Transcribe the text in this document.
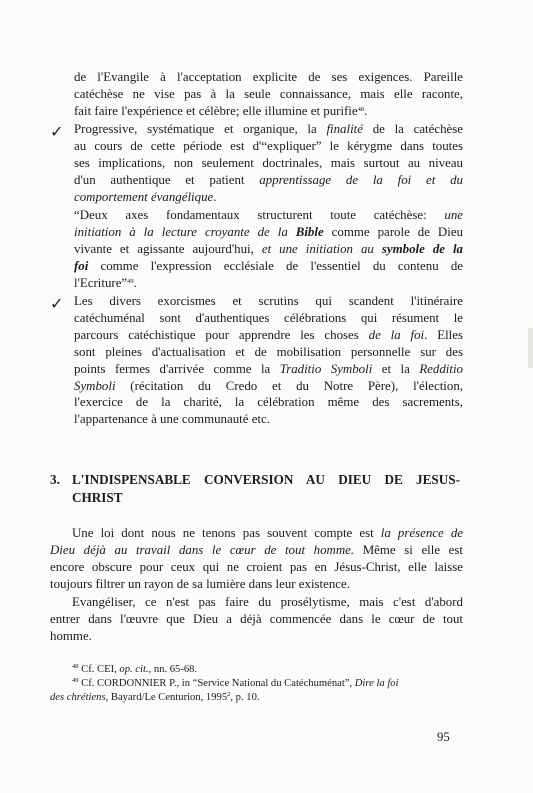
de l'Evangile à l'acceptation explicite de ses exigences. Pareille
catéchèse ne vise pas à la seule connaissance, mais elle raconte,
fait faire l'expérience et célèbre; elle illumine et purifie$^{48}$.
✓ Progressive, systématique et organique, la finalité de la catéchèse
au cours de cette période est d'“expliquer” le kérygme dans toutes
ses implications, non seulement doctrinales, mais surtout au niveau
d'un authentique et patient apprentissage de la foi et du
comportement évangélique.
“Deux axes fondamentaux structurent toute catéchèse: une
initiation à la lecture croyante de la Bible comme parole de Dieu
vivante et agissante aujourd'hui, et une initiation au symbole de la
foi comme l'expression ecclésiale de l'essentiel du contenu de
l'Ecriture”$^{49}$.
✓ Les divers exorcismes et scrutins qui scandent l'itinéraire
catéchuménal sont d'authentiques célébrations qui résument le
parcours catéchistique pour apprendre les choses de la foi. Elles
sont pleines d'actualisation et de mobilisation personnelle sur des
points fermes d'arrivée comme la Traditio Symboli et la Redditio
Symboli (récitation du Credo et du Notre Père), l'élection,
l'exercice de la charité, la célébration même des sacrements,
l'appartenance à une communauté etc.
3. L'INDISPENSABLE CONVERSION AU DIEU DE JESUS-
CHRIST
Une loi dont nous ne tenons pas souvent compte est la présence de
Dieu déjà au travail dans le cœur de tout homme. Même si elle est
encore obscure pour ceux qui ne croient pas en Jésus-Christ, elle laisse
toujours filtrer un rayon de sa lumière dans leur existence.
Evangéliser, ce n'est pas faire du prosélytisme, mais c'est d'abord
entrer dans l'œuvre que Dieu a déjà commencée dans le cœur de tout
homme.
$^{48}$ Cf. CEI, op. cit., nn. 65-68.
$^{49}$ Cf. CORDONNIER P., in “Service National du Catéchuménat”, Dire la foi
des chrétiens, Bayard/Le Centurion, 1995$^2$, p. 10.
95
